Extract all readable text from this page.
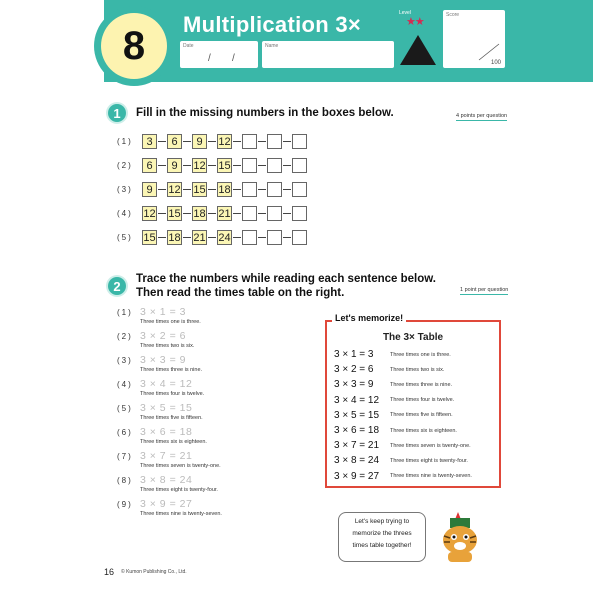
8	Multiplication 3×
Date
/ /
Name
Level
★★
Score
100
1	Fill in the missing numbers in the boxes below.	4 points per question
(1)	3	6	9	12
(2)	6	9	12 15
(3)	9	12 15 18
(4) 12 15 18 21
(5) 15 18 21 24
2	Trace the numbers while reading each sentence below.
Then read the times table on the right.	1 point per question
(1) 3 × 1 = 3
Three times one is three.
(2) 3 × 2 = 6
Three times two is six.
(3) 3 × 3 = 9
Three times three is nine.
(4) 3 × 4 = 12
Three times four is twelve.
(5) 3 × 5 = 15
Three times five is fifteen.
(6) 3 × 6 = 18
Three times six is eighteen.
(7) 3 × 7 = 21
Three times seven is twenty-one.
(8) 3 × 8 = 24
Three times eight is twenty-four.
(9) 3 × 9 = 27
Three times nine is twenty-seven.
Let's memorize!
The 3× Table
3 × 1 = 3	Three times one is three.
3 × 2 = 6	Three times two is six.
3 × 3 = 9	Three times three is nine.
3 × 4 = 12 Three times four is twelve.
3 × 5 = 15 Three times five is fifteen.
3 × 6 = 18 Three times six is eighteen.
3 × 7 = 21 Three times seven is twenty-one.
3 × 8 = 24 Three times eight is twenty-four.
3 × 9 = 27 Three times nine is twenty-seven.
Let's keep trying to
memorize the threes
times table together!
16 © Kumon Publishing Co., Ltd.
